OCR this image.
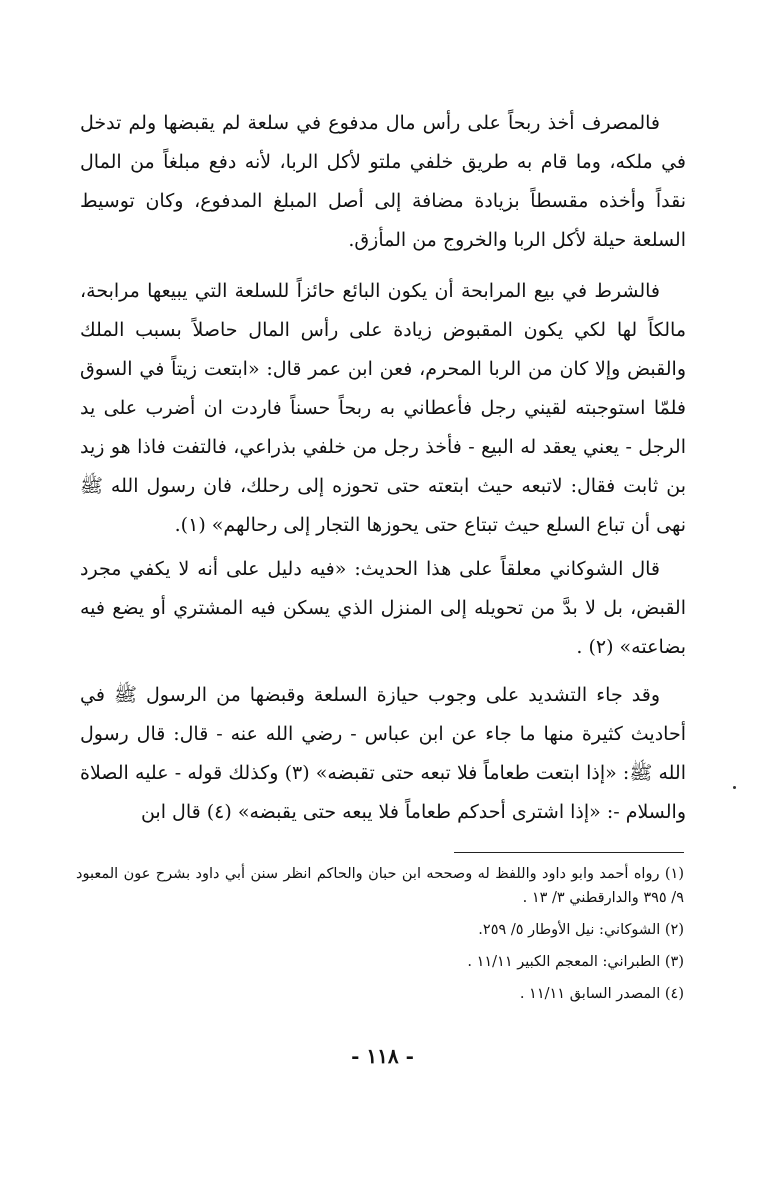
فالمصرف أخذ ربحاً على رأس مال مدفوع في سلعة لم يقبضها ولم تدخل في ملكه، وما قام به طريق خلفي ملتو لأكل الربا، لأنه دفع مبلغاً من المال نقداً وأخذه مقسطاً بزيادة مضافة إلى أصل المبلغ المدفوع، وكان توسيط السلعة حيلة لأكل الربا والخروج من المأزق.

فالشرط في بيع المرابحة أن يكون البائع حائزاً للسلعة التي يبيعها مرابحة، مالكاً لها لكي يكون المقبوض زيادة على رأس المال حاصلاً بسبب الملك والقبض وإلا كان من الربا المحرم، فعن ابن عمر قال: «ابتعت زيتاً في السوق فلمّا استوجبته لقيني رجل فأعطاني به ربحاً حسناً فاردت ان أضرب على يد الرجل - يعني يعقد له البيع - فأخذ رجل من خلفي بذراعي، فالتفت فاذا هو زيد بن ثابت فقال: لاتبعه حيث ابتعته حتى تحوزه إلى رحلك، فان رسول الله ﷺ نهى أن تباع السلع حيث تبتاع حتى يحوزها التجار إلى رحالهم» (١).

قال الشوكاني معلقاً على هذا الحديث: «فيه دليل على أنه لا يكفي مجرد القبض، بل لا بدَّ من تحويله إلى المنزل الذي يسكن فيه المشتري أو يضع فيه بضاعته» (٢) .

وقد جاء التشديد على وجوب حيازة السلعة وقبضها من الرسول ﷺ في أحاديث كثيرة منها ما جاء عن ابن عباس - رضي الله عنه - قال: قال رسول الله ﷺ: «إذا ابتعت طعاماً فلا تبعه حتى تقبضه» (٣) وكذلك قوله - عليه الصلاة والسلام -: «إذا اشترى أحدكم طعاماً فلا يبعه حتى يقبضه» (٤) قال ابن

(١) رواه أحمد وابو داود واللفظ له وصححه ابن حبان والحاكم انظر سنن أبي داود بشرح عون المعبود ٩/ ٣٩٥ والدارقطني ٣/ ١٣ .

(٢) الشوكاني: نيل الأوطار ٥/ ٢٥٩.

(٣) الطبراني: المعجم الكبير ١١/١١ .

(٤) المصدر السابق ١١/١١ .

- ١١٨ -
